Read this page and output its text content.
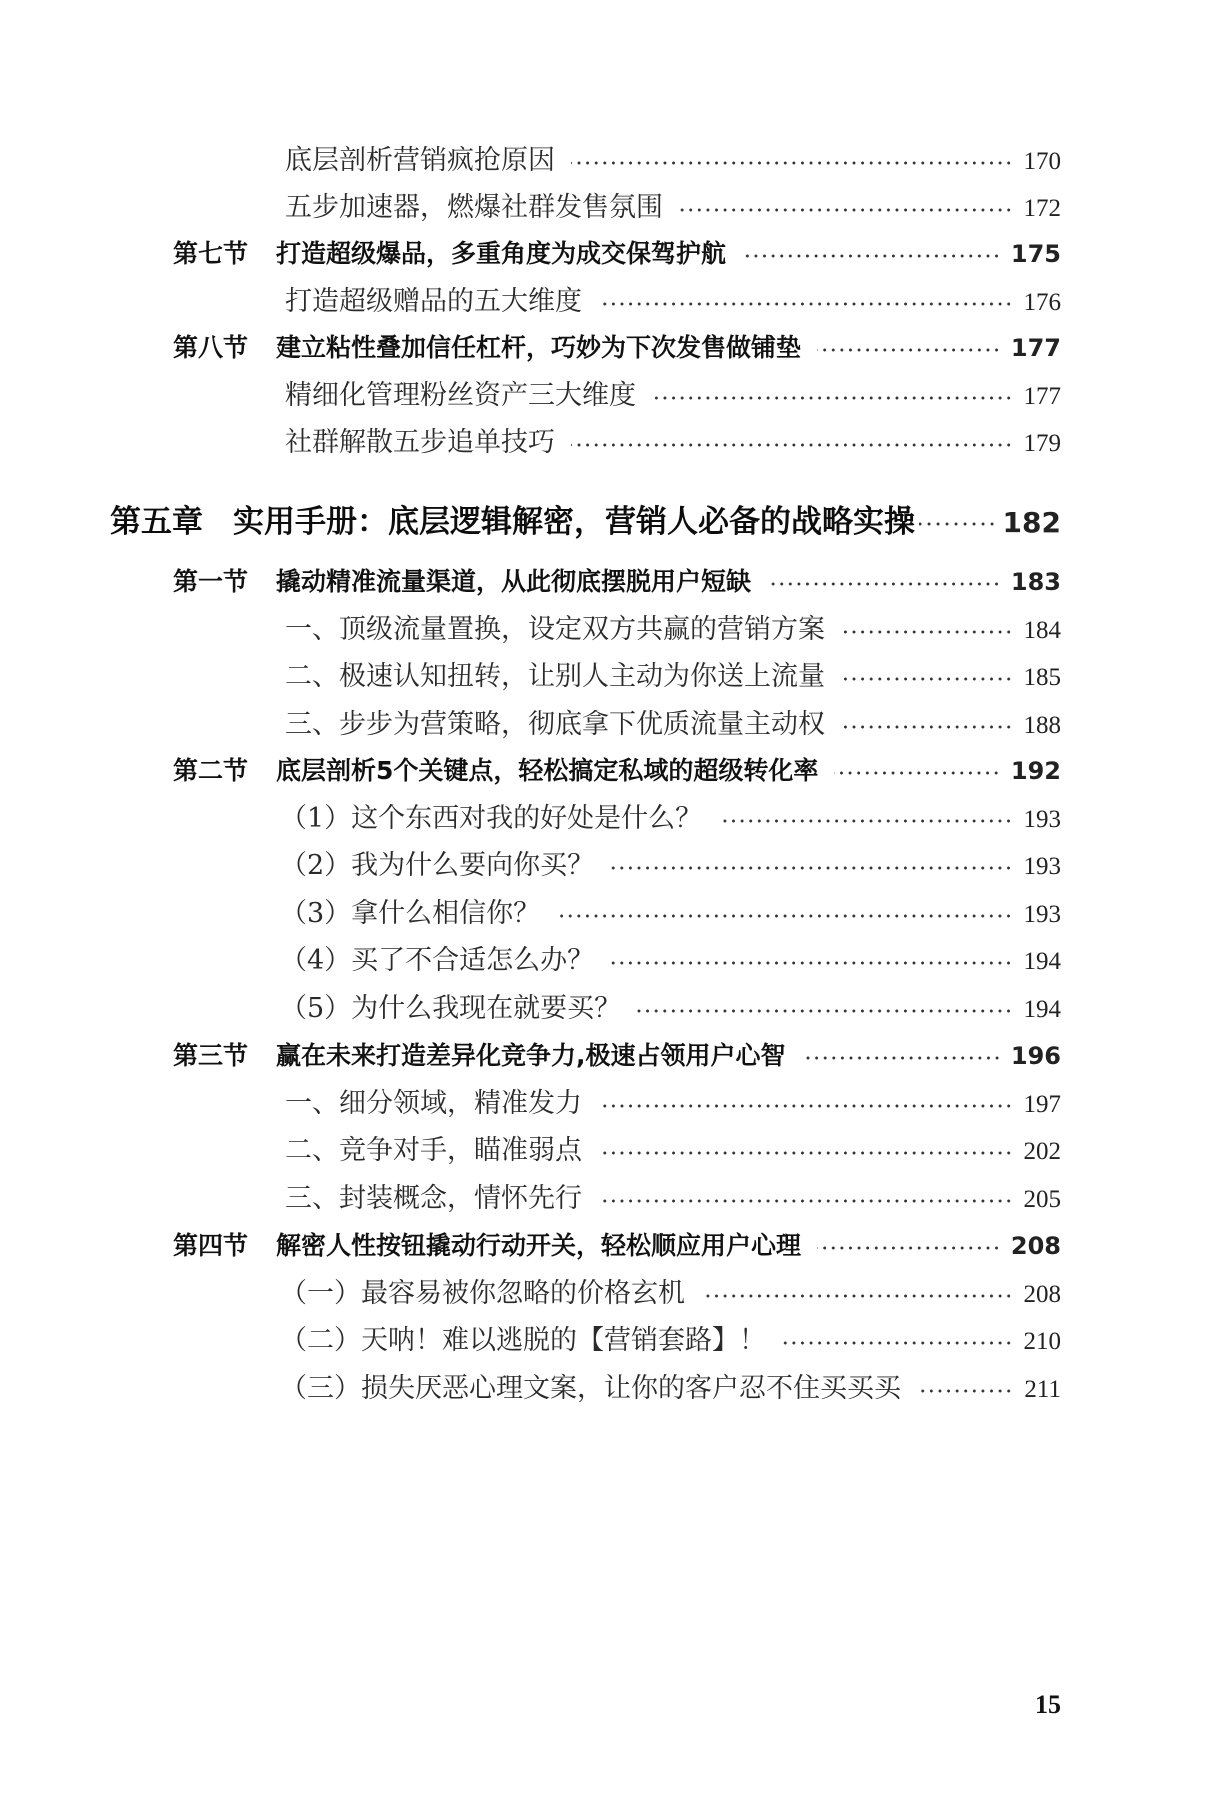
底层剖析营销疯抢原因	170
五步加速器，燃爆社群发售氛围	172
第七节 打造超级爆品，多重角度为成交保驾护航	175
打造超级赠品的五大维度	176
第八节 建立粘性叠加信任杠杆，巧妙为下次发售做铺垫	177
精细化管理粉丝资产三大维度	177
社群解散五步追单技巧	179
第五章 实用手册：底层逻辑解密，营销人必备的战略实操	182
第一节 撬动精准流量渠道，从此彻底摆脱用户短缺	183
一、顶级流量置换，设定双方共赢的营销方案	184
二、极速认知扭转，让别人主动为你送上流量	185
三、步步为营策略，彻底拿下优质流量主动权	188
第二节 底层剖析5个关键点，轻松搞定私域的超级转化率	192
（1）这个东西对我的好处是什么？	193
（2）我为什么要向你买？	193
（3）拿什么相信你？	193
（4）买了不合适怎么办？	194
（5）为什么我现在就要买？	194
第三节 赢在未来打造差异化竞争力,极速占领用户心智	196
一、细分领域，精准发力	197
二、竞争对手，瞄准弱点	202
三、封装概念，情怀先行	205
第四节 解密人性按钮撬动行动开关，轻松顺应用户心理	208
（一）最容易被你忽略的价格玄机	208
（二）天呐！难以逃脱的【营销套路】！	210
（三）损失厌恶心理文案，让你的客户忍不住买买买	211
15
